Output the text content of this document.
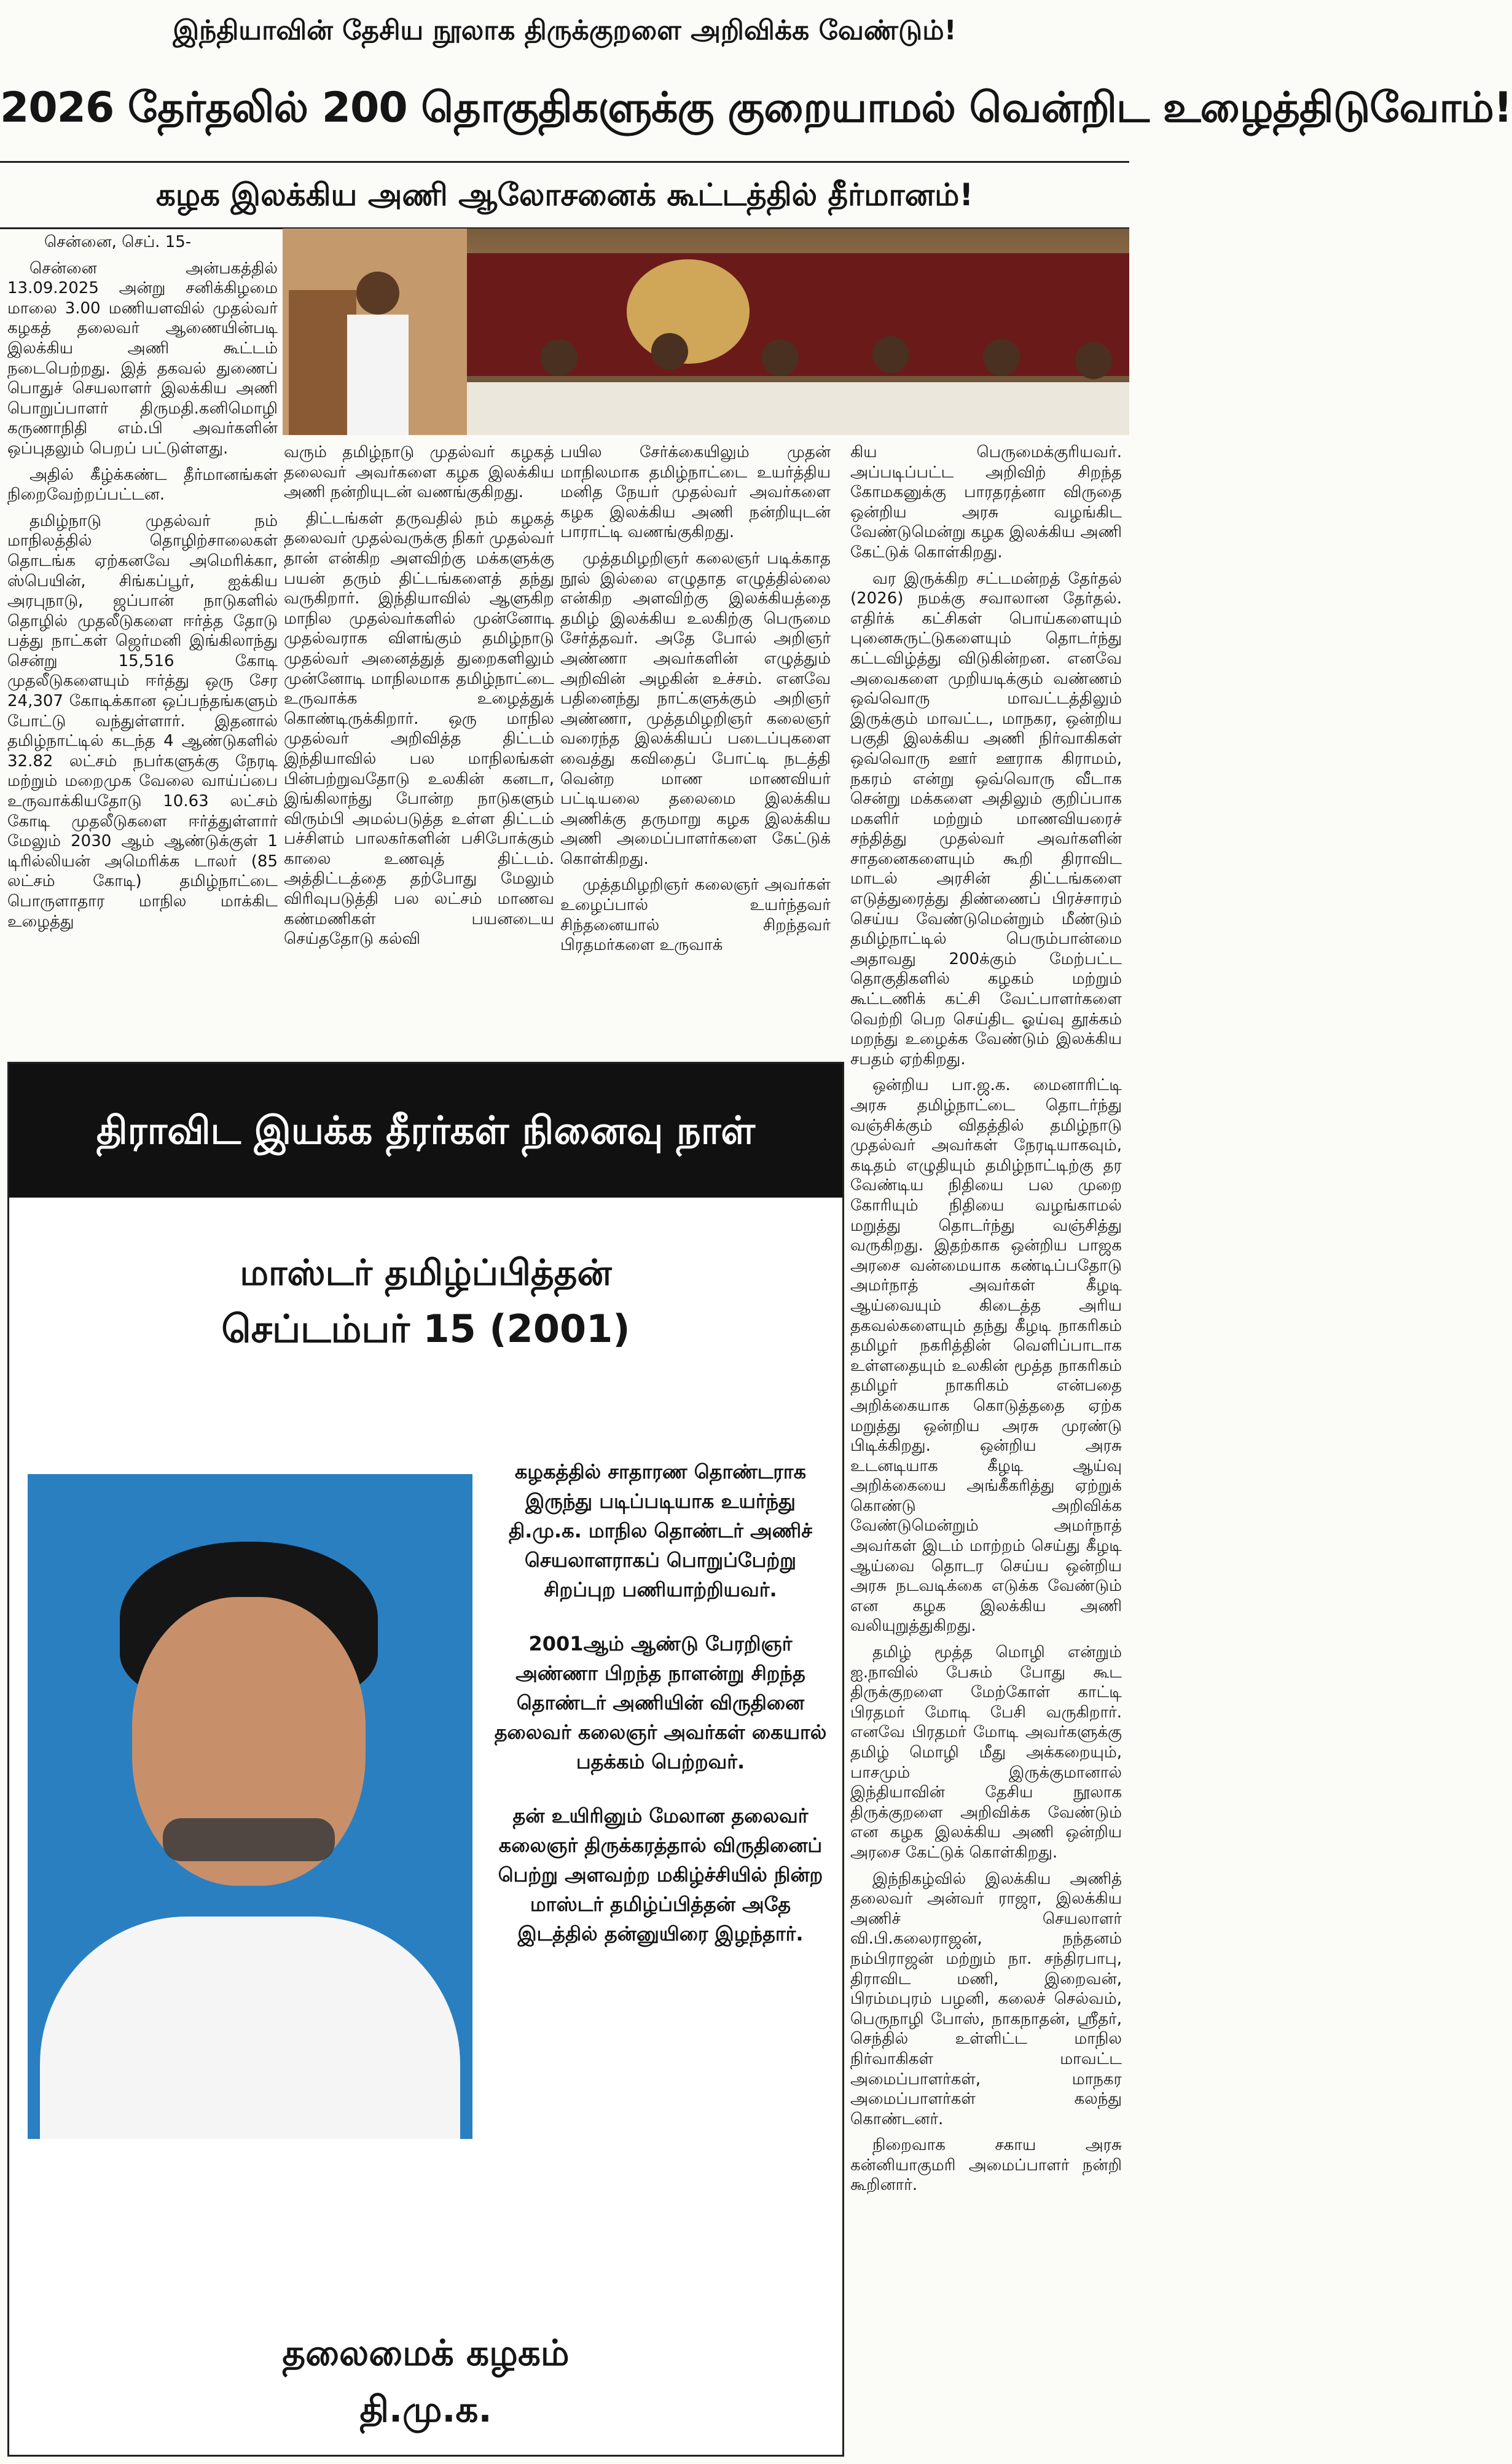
இந்தியாவின் தேசிய நூலாக திருக்குறளை அறிவிக்க வேண்டும்!
2026 தேர்தலில் 200 தொகுதிகளுக்கு குறையாமல் வென்றிட உழைத்திடுவோம்!
கழக இலக்கிய அணி ஆலோசனைக் கூட்டத்தில் தீர்மானம்!

சென்னை, செப். 15-

சென்னை அன்பகத்தில் 13.09.2025 அன்று சனிக்கிழமை மாலை 3.00 மணியளவில் முதல்வர் கழகத் தலைவர் ஆணையின்படி இலக்கிய அணி கூட்டம் நடைபெற்றது. இத் தகவல் துணைப் பொதுச் செயலாளர் இலக்கிய அணி பொறுப்பாளர் திருமதி.கனிமொழி கருணாநிதி எம்.பி அவர்களின் ஒப்புதலும் பெறப் பட்டுள்ளது.

அதில் கீழ்க்கண்ட தீர்மானங்கள் நிறைவேற்றப்பட்டன.

தமிழ்நாடு முதல்வர் நம் மாநிலத்தில் தொழிற்சாலைகள் தொடங்க ஏற்கனவே அமெரிக்கா, ஸ்பெயின், சிங்கப்பூர், ஐக்கிய அரபுநாடு, ஜப்பான் நாடுகளில் தொழில் முதலீடுகளை ஈர்த்த தோடு பத்து நாட்கள் ஜெர்மனி இங்கிலாந்து சென்று 15,516 கோடி முதலீடுகளையும் ஈர்த்து ஒரு சேர 24,307 கோடிக்கான ஒப்பந்தங்களும் போட்டு வந்துள்ளார். இதனால் தமிழ்நாட்டில் கடந்த 4 ஆண்டுகளில் 32.82 லட்சம் நபர்களுக்கு நேரடி மற்றும் மறைமுக வேலை வாய்ப்பை உருவாக்கியதோடு 10.63 லட்சம் கோடி முதலீடுகளை ஈர்த்துள்ளார் மேலும் 2030 ஆம் ஆண்டுக்குள் 1 டிரில்லியன் அமெரிக்க டாலர் (85 லட்சம் கோடி) தமிழ்நாட்டை பொருளாதார மாநில மாக்கிட உழைத்து

வரும் தமிழ்நாடு முதல்வர் கழகத் தலைவர் அவர்களை கழக இலக்கிய அணி நன்றியுடன் வணங்குகிறது.

திட்டங்கள் தருவதில் நம் கழகத் தலைவர் முதல்வருக்கு நிகர் முதல்வர் தான் என்கிற அளவிற்கு மக்களுக்கு பயன் தரும் திட்டங்களைத் தந்து வருகிறார். இந்தியாவில் ஆளுகிற மாநில முதல்வர்களில் முன்னோடி முதல்வராக விளங்கும் தமிழ்நாடு முதல்வர் அனைத்துத் துறைகளிலும் முன்னோடி மாநிலமாக தமிழ்நாட்டை உருவாக்க உழைத்துக் கொண்டிருக்கிறார். ஒரு மாநில முதல்வர் அறிவித்த திட்டம் இந்தியாவில் பல மாநிலங்கள் பின்பற்றுவதோடு உலகின் கனடா, இங்கிலாந்து போன்ற நாடுகளும் விரும்பி அமல்படுத்த உள்ள திட்டம் பச்சிளம் பாலகர்களின் பசிபோக்கும் காலை உணவுத் திட்டம். அத்திட்டத்தை தற்போது மேலும் விரிவுபடுத்தி பல லட்சம் மாணவ கண்மணிகள் பயனடைய செய்ததோடு கல்வி

பயில சேர்க்கையிலும் முதன் மாநிலமாக தமிழ்நாட்டை உயர்த்திய மனித நேயர் முதல்வர் அவர்களை கழக இலக்கிய அணி நன்றியுடன் பாராட்டி வணங்குகிறது.

முத்தமிழறிஞர் கலைஞர் படிக்காத நூல் இல்லை எழுதாத எழுத்தில்லை என்கிற அளவிற்கு இலக்கியத்தை தமிழ் இலக்கிய உலகிற்கு பெருமை சேர்த்தவர். அதே போல் அறிஞர் அண்ணா அவர்களின் எழுத்தும் அறிவின் அழகின் உச்சம். எனவே பதினைந்து நாட்களுக்கும் அறிஞர் அண்ணா, முத்தமிழறிஞர் கலைஞர் வரைந்த இலக்கியப் படைப்புகளை வைத்து கவிதைப் போட்டி நடத்தி வென்ற மாண மாணவியர் பட்டியலை தலைமை இலக்கிய அணிக்கு தருமாறு கழக இலக்கிய அணி அமைப்பாளர்களை கேட்டுக் கொள்கிறது.

முத்தமிழறிஞர் கலைஞர் அவர்கள் உழைப்பால் உயர்ந்தவர் சிந்தனையால் சிறந்தவர் பிரதமர்களை உருவாக்

கிய பெருமைக்குரியவர். அப்படிப்பட்ட அறிவிற் சிறந்த கோமகனுக்கு பாரதரத்னா விருதை ஒன்றிய அரசு வழங்கிட வேண்டுமென்று கழக இலக்கிய அணி கேட்டுக் கொள்கிறது.

வர இருக்கிற சட்டமன்றத் தேர்தல் (2026) நமக்கு சவாலான தேர்தல். எதிர்க் கட்சிகள் பொய்களையும் புனைசுருட்டுகளையும் தொடர்ந்து கட்டவிழ்த்து விடுகின்றன. எனவே அவைகளை முறியடிக்கும் வண்ணம் ஒவ்வொரு மாவட்டத்திலும் இருக்கும் மாவட்ட, மாநகர, ஒன்றிய பகுதி இலக்கிய அணி நிர்வாகிகள் ஒவ்வொரு ஊர் ஊராக கிராமம், நகரம் என்று ஒவ்வொரு வீடாக சென்று மக்களை அதிலும் குறிப்பாக மகளிர் மற்றும் மாணவியரைச் சந்தித்து முதல்வர் அவர்களின் சாதனைகளையும் கூறி திராவிட மாடல் அரசின் திட்டங்களை எடுத்துரைத்து திண்ணைப் பிரச்சாரம் செய்ய வேண்டுமென்றும் மீண்டும் தமிழ்நாட்டில் பெரும்பான்மை அதாவது 200க்கும் மேற்பட்ட தொகுதிகளில் கழகம் மற்றும் கூட்டணிக் கட்சி வேட்பாளர்களை வெற்றி பெற செய்திட ஓய்வு தூக்கம் மறந்து உழைக்க வேண்டும் இலக்கிய சபதம் ஏற்கிறது.

ஒன்றிய பா.ஜ.க. மைனாரிட்டி அரசு தமிழ்நாட்டை தொடர்ந்து வஞ்சிக்கும் விதத்தில் தமிழ்நாடு முதல்வர் அவர்கள் நேரடியாகவும், கடிதம் எழுதியும் தமிழ்நாட்டிற்கு தர வேண்டிய நிதியை பல முறை கோரியும் நிதியை வழங்காமல் மறுத்து தொடர்ந்து வஞ்சித்து வருகிறது. இதற்காக ஒன்றிய பாஜக அரசை வன்மையாக கண்டிப்பதோடு அமர்நாத் அவர்கள் கீழடி ஆய்வையும் கிடைத்த அரிய தகவல்களையும் தந்து கீழடி நாகரிகம் தமிழர் நகரித்தின் வெளிப்பாடாக உள்ளதையும் உலகின் மூத்த நாகரிகம் தமிழர் நாகரிகம் என்பதை அறிக்கையாக கொடுத்ததை ஏற்க மறுத்து ஒன்றிய அரசு முரண்டு பிடிக்கிறது. ஒன்றிய அரசு உடனடியாக கீழடி ஆய்வு அறிக்கையை அங்கீகரித்து ஏற்றுக் கொண்டு அறிவிக்க வேண்டுமென்றும் அமர்நாத் அவர்கள் இடம் மாற்றம் செய்து கீழடி ஆய்வை தொடர செய்ய ஒன்றிய அரசு நடவடிக்கை எடுக்க வேண்டும் என கழக இலக்கிய அணி வலியுறுத்துகிறது.

தமிழ் மூத்த மொழி என்றும் ஐ.நாவில் பேசும் போது கூட திருக்குறளை மேற்கோள் காட்டி பிரதமர் மோடி பேசி வருகிறார். எனவே பிரதமர் மோடி அவர்களுக்கு தமிழ் மொழி மீது அக்கறையும், பாசமும் இருக்குமானால் இந்தியாவின் தேசிய நூலாக திருக்குறளை அறிவிக்க வேண்டும் என கழக இலக்கிய அணி ஒன்றிய அரசை கேட்டுக் கொள்கிறது.

இந்நிகழ்வில் இலக்கிய அணித் தலைவர் அன்வர் ராஜா, இலக்கிய அணிச் செயலாளர் வி.பி.கலைராஜன், நந்தனம் நம்பிராஜன் மற்றும் நா. சந்திரபாபு, திராவிட மணி, இறைவன், பிரம்மபுரம் பழனி, கலைச் செல்வம், பெருநாழி போஸ், நாகநாதன், ஸ்ரீதர், செந்தில் உள்ளிட்ட மாநில நிர்வாகிகள் மாவட்ட அமைப்பாளர்கள், மாநகர அமைப்பாளர்கள் கலந்து கொண்டனர்.

நிறைவாக சகாய அரசு கன்னியாகுமரி அமைப்பாளர் நன்றி கூறினார்.

திராவிட இயக்க தீரர்கள் நினைவு நாள்
மாஸ்டர் தமிழ்ப்பித்தன்
செப்டம்பர் 15 (2001)

கழகத்தில் சாதாரண தொண்டராக இருந்து படிப்படியாக உயர்ந்து தி.மு.க. மாநில தொண்டர் அணிச் செயலாளராகப் பொறுப்பேற்று சிறப்புற பணியாற்றியவர்.

2001ஆம் ஆண்டு பேரறிஞர் அண்ணா பிறந்த நாளன்று சிறந்த தொண்டர் அணியின் விருதினை தலைவர் கலைஞர் அவர்கள் கையால் பதக்கம் பெற்றவர்.

தன் உயிரினும் மேலான தலைவர் கலைஞர் திருக்கரத்தால் விருதினைப் பெற்று அளவற்ற மகிழ்ச்சியில் நின்ற மாஸ்டர் தமிழ்ப்பித்தன் அதே இடத்தில் தன்னுயிரை இழந்தார்.

தலைமைக் கழகம்
தி.மு.க.
